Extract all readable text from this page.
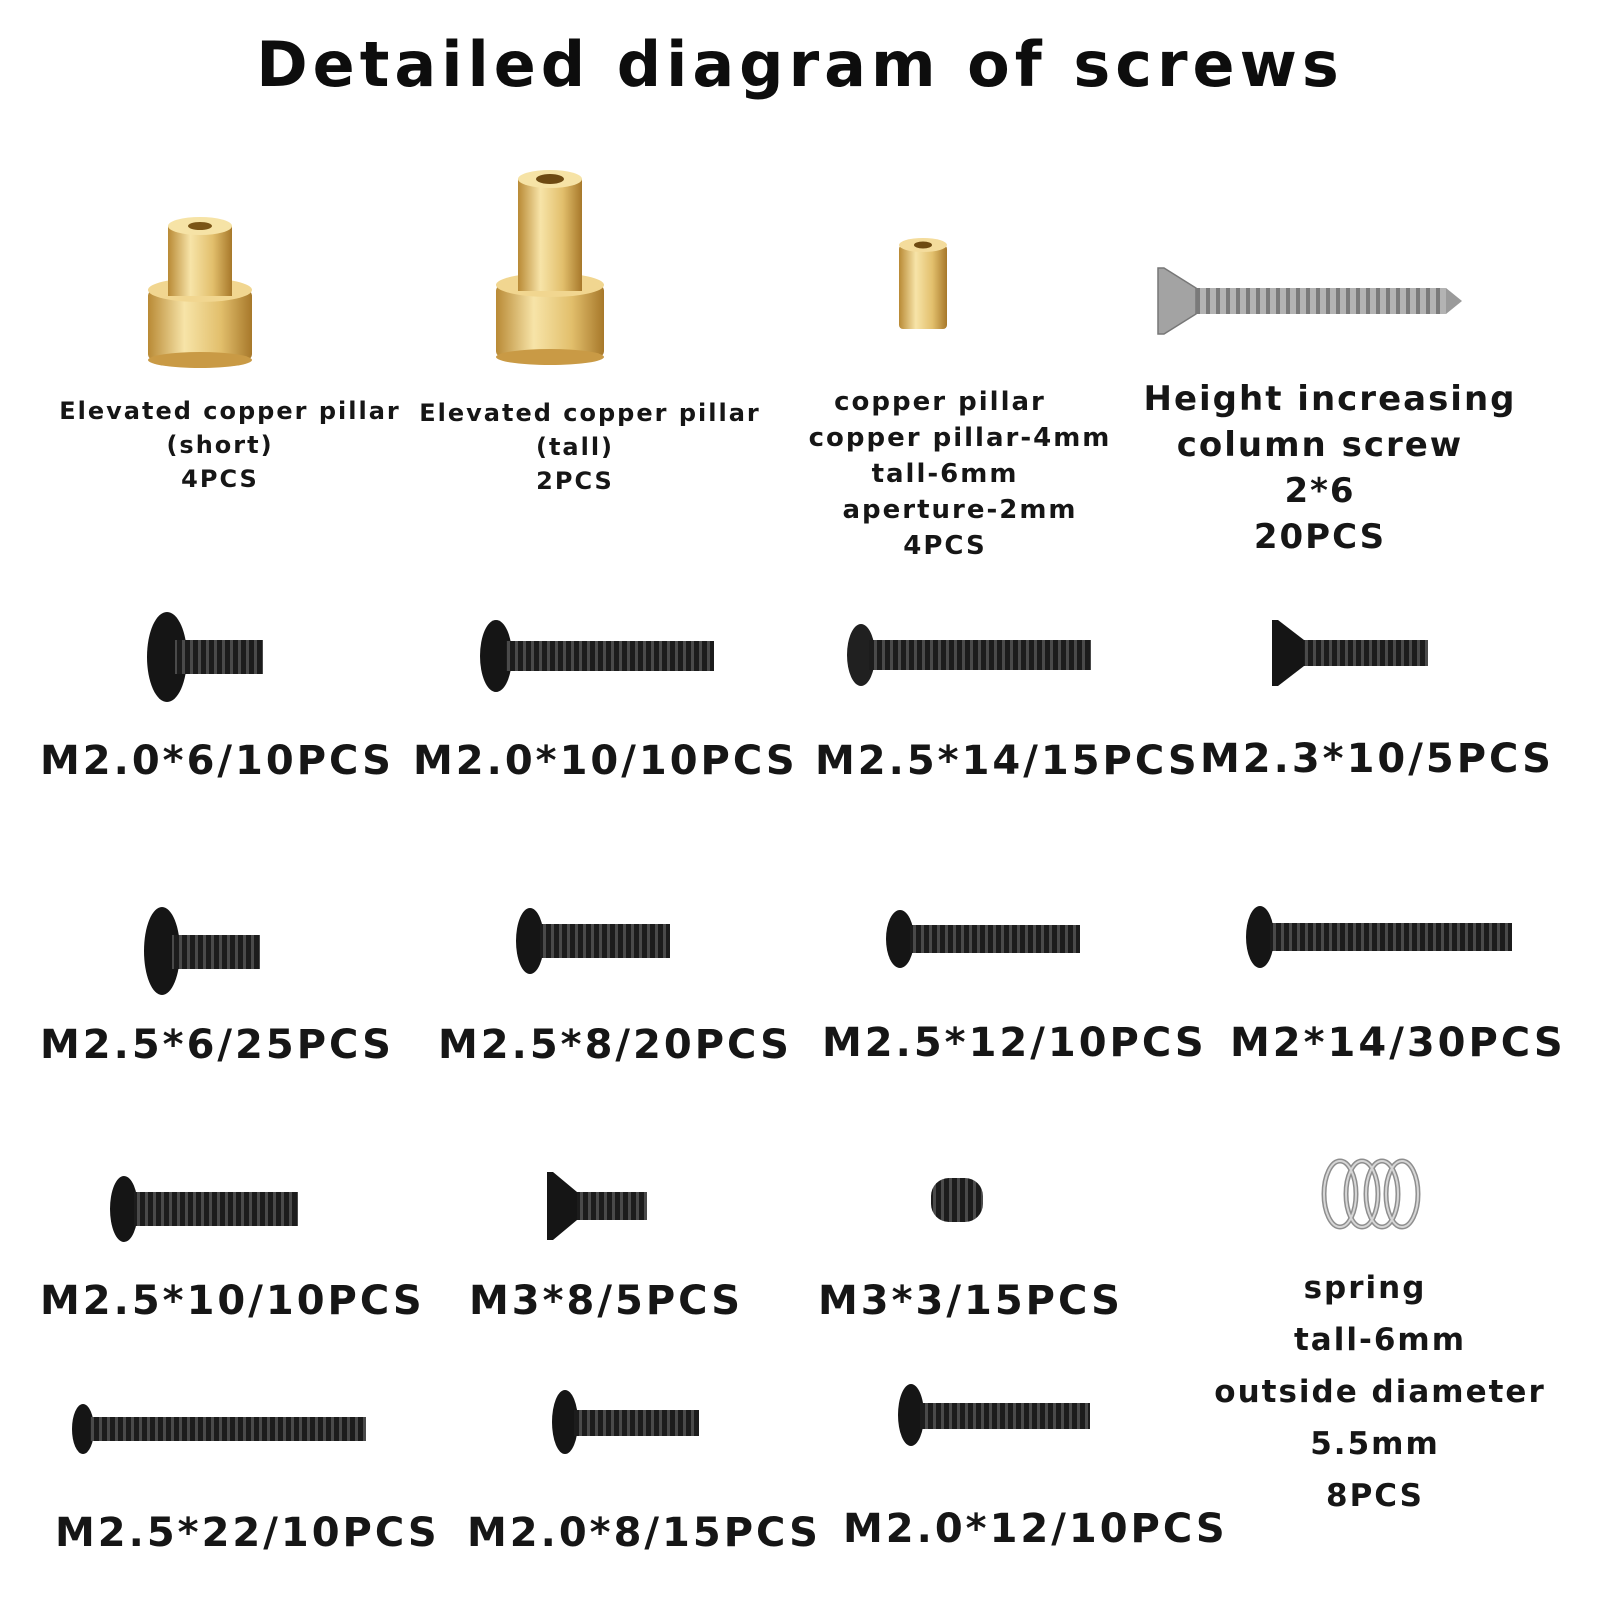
Detailed diagram of screws
Elevated copper pillar
(short)
4PCS
Elevated copper pillar
(tall)
2PCS
copper pillar
copper pillar-4mm
tall-6mm
aperture-2mm
4PCS
Height increasing
column screw
2*6
20PCS
M2.0*6/10PCS M2.0*10/10PCS M2.5*14/15PCS M2.3*10/5PCS
M2.5*6/25PCS M2.5*8/20PCS M2.5*12/10PCS M2*14/30PCS
M2.5*10/10PCS M3*8/5PCS M3*3/15PCS
M2.5*22/10PCS M2.0*8/15PCS M2.0*12/10PCS
spring
tall-6mm
outside diameter
5.5mm
8PCS
